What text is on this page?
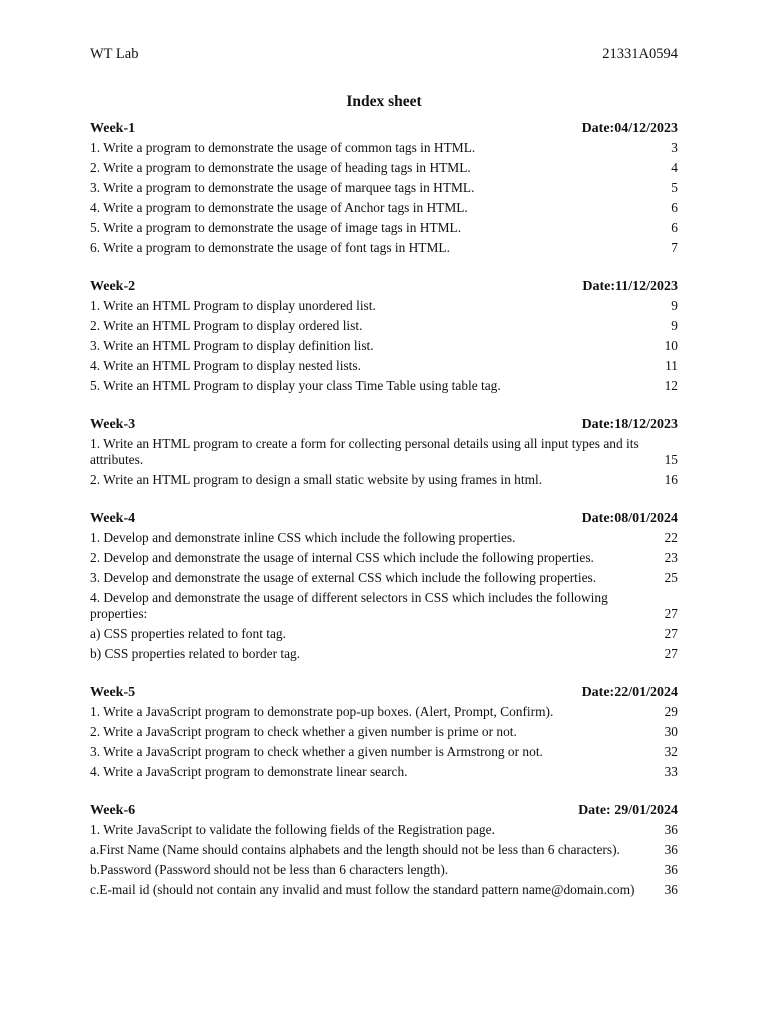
WT Lab	21331A0594
Index sheet
Week-1	Date:04/12/2023
1. Write a program to demonstrate the usage of common tags in HTML.	3
2. Write a program to demonstrate the usage of heading tags in HTML.	4
3. Write a program to demonstrate the usage of marquee tags in HTML.	5
4. Write a program to demonstrate the usage of Anchor tags in HTML.	6
5. Write a program to demonstrate the usage of image tags in HTML.	6
6. Write a program to demonstrate the usage of font tags in HTML.	7
Week-2	Date:11/12/2023
1. Write an HTML Program to display unordered list.	9
2. Write an HTML Program to display ordered list.	9
3. Write an HTML Program to display definition list.	10
4. Write an HTML Program to display nested lists.	11
5. Write an HTML Program to display your class Time Table using table tag.	12
Week-3	Date:18/12/2023
1. Write an HTML program to create a form for collecting personal details using all input types and its attributes.	15
2. Write an HTML program to design a small static website by using frames in html.	16
Week-4	Date:08/01/2024
1. Develop and demonstrate inline CSS which include the following properties.	22
2. Develop and demonstrate the usage of internal CSS which include the following properties.	23
3. Develop and demonstrate the usage of external CSS which include the following properties.	25
4. Develop and demonstrate the usage of different selectors in CSS which includes the following properties:	27
a) CSS properties related to font tag.	27
b) CSS properties related to border tag.	27
Week-5	Date:22/01/2024
1. Write a JavaScript program to demonstrate pop-up boxes. (Alert, Prompt, Confirm).	29
2. Write a JavaScript program to check whether a given number is prime or not.	30
3. Write a JavaScript program to check whether a given number is Armstrong or not.	32
4. Write a JavaScript program to demonstrate linear search.	33
Week-6	Date: 29/01/2024
1. Write JavaScript to validate the following fields of the Registration page.	36
a.First Name (Name should contains alphabets and the length should not be less than 6 characters).	36
b.Password (Password should not be less than 6 characters length).	36
c.E-mail id (should not contain any invalid and must follow the standard pattern name@domain.com)	36
